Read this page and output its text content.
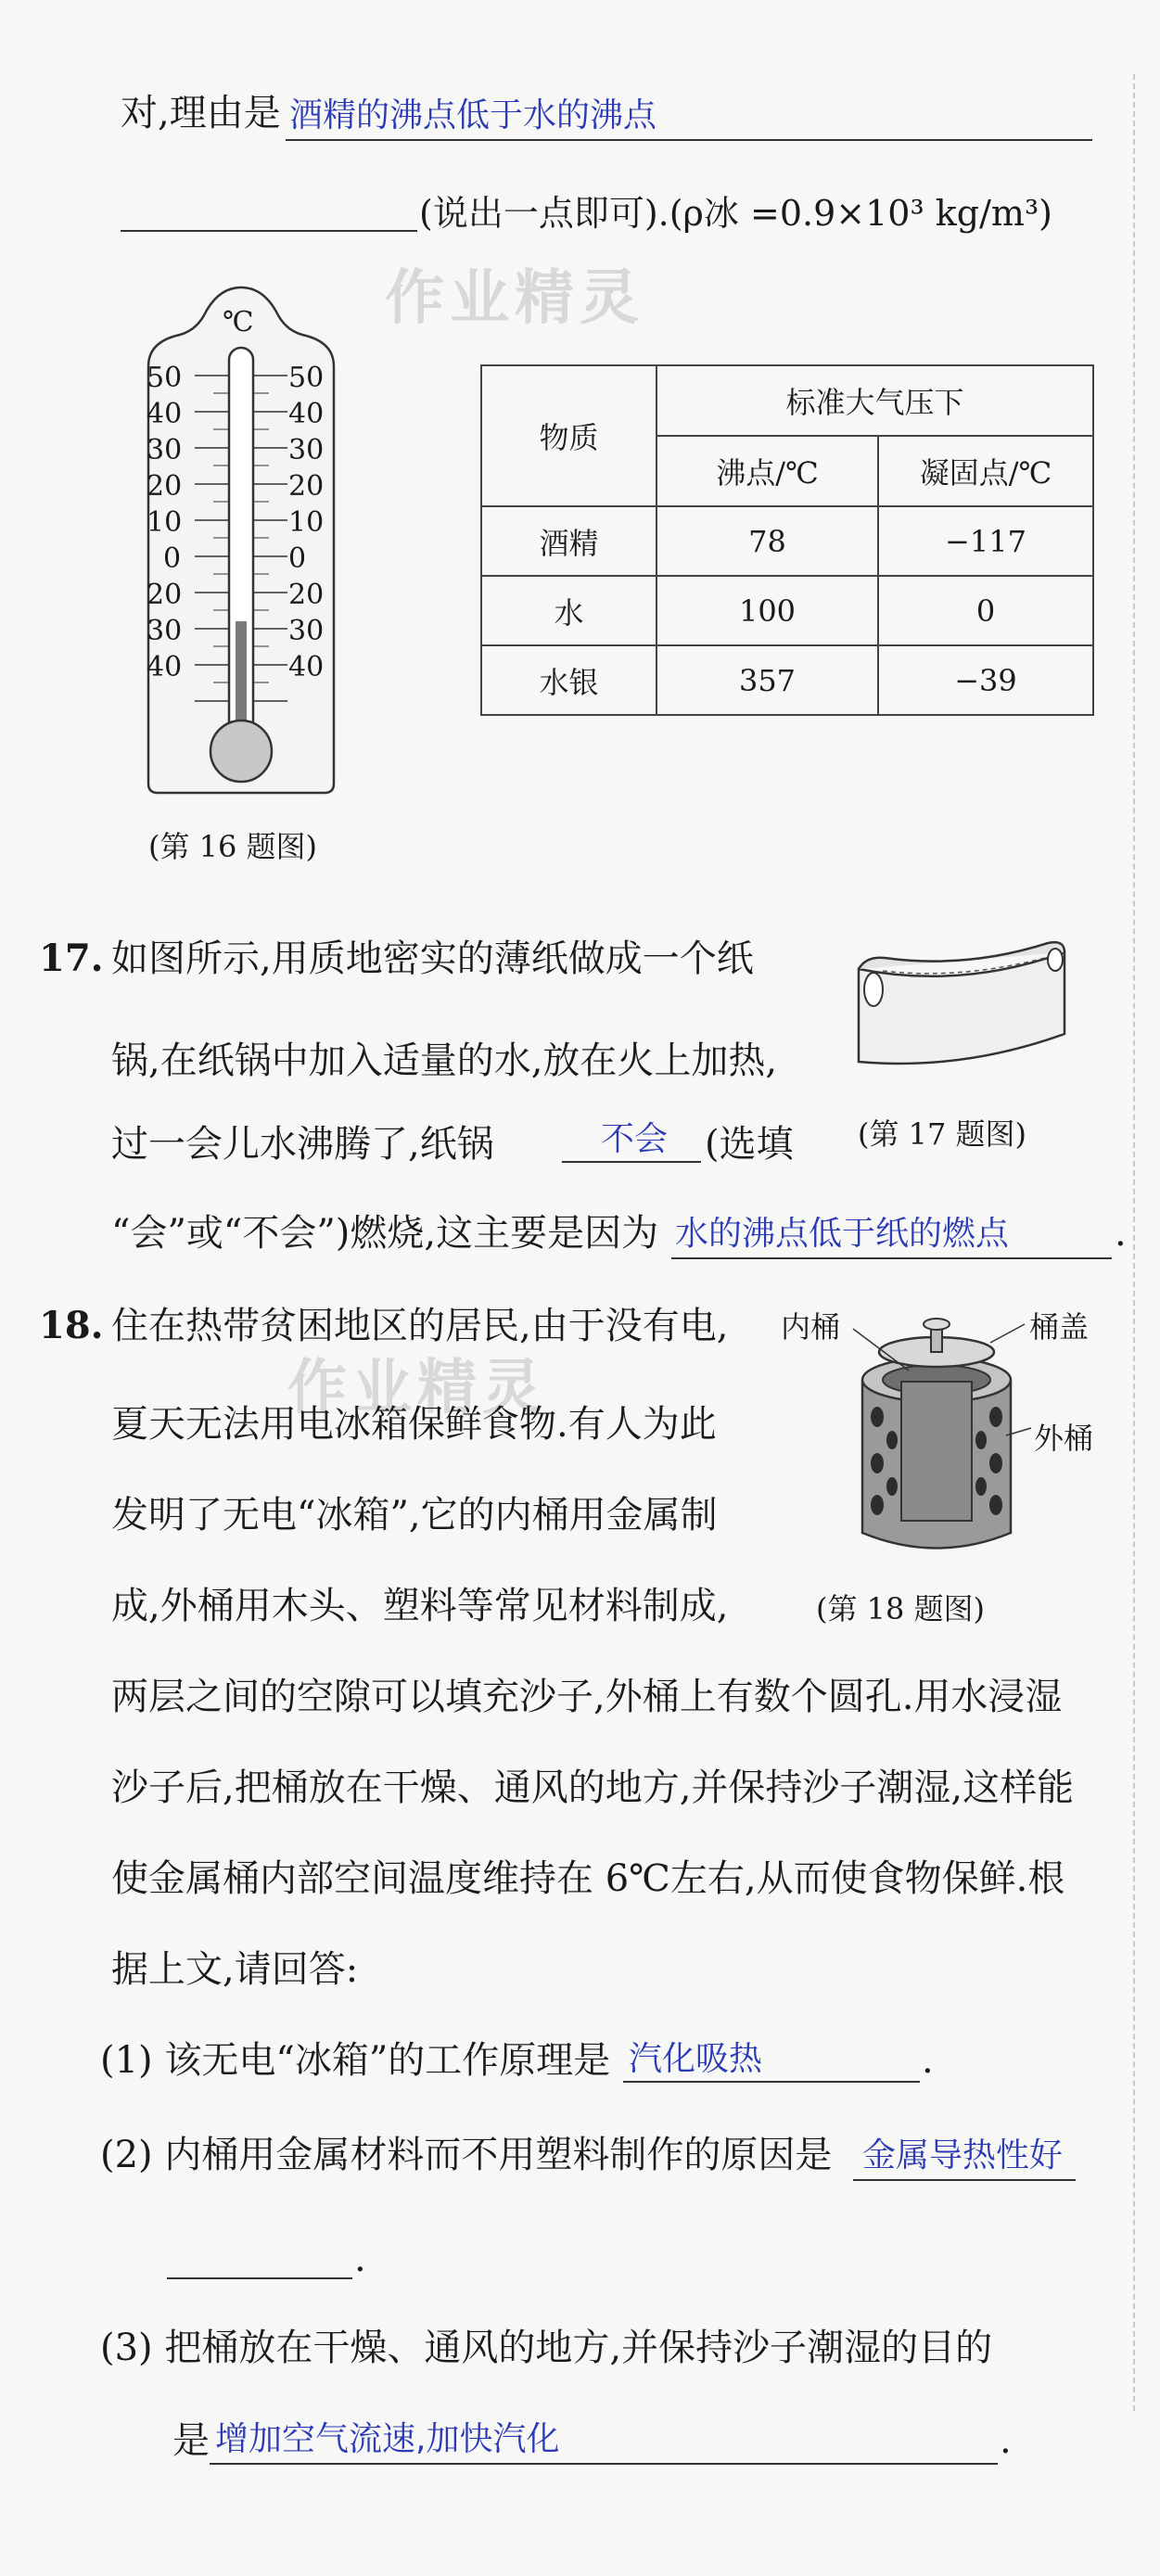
对,理由是 酒精的沸点低于水的沸点
(说出一点即可).(ρ冰 =0.9×10³ kg/m³)
作业精灵
℃
50
40
30
20
10
0
20
30
40
50
40
30
20
10
0
20
30
40
(第 16 题图)
物质	标准大气压下	
	沸点/℃	凝固点/℃
酒精	78	−117
水	100	0
水银	357	−39
17. 如图所示,用质地密实的薄纸做成一个纸
锅,在纸锅中加入适量的水,放在火上加热,
过一会儿水沸腾了,纸锅	不会 (选填
“会”或“不会”)燃烧,这主要是因为 水的沸点低于纸的燃点	.
(第 17 题图)
18. 住在热带贫困地区的居民,由于没有电,
作业精灵
夏天无法用电冰箱保鲜食物.有人为此
发明了无电“冰箱”,它的内桶用金属制
成,外桶用木头、塑料等常见材料制成,
内桶	桶盖
外桶
(第 18 题图)
两层之间的空隙可以填充沙子,外桶上有数个圆孔.用水浸湿
沙子后,把桶放在干燥、通风的地方,并保持沙子潮湿,这样能
使金属桶内部空间温度维持在 6℃左右,从而使食物保鲜.根
据上文,请回答:
(1) 该无电“冰箱”的工作原理是 汽化吸热	.
(2) 内桶用金属材料而不用塑料制作的原因是 金属导热性好
.
(3) 把桶放在干燥、通风的地方,并保持沙子潮湿的目的
是 增加空气流速,加快汽化	.
